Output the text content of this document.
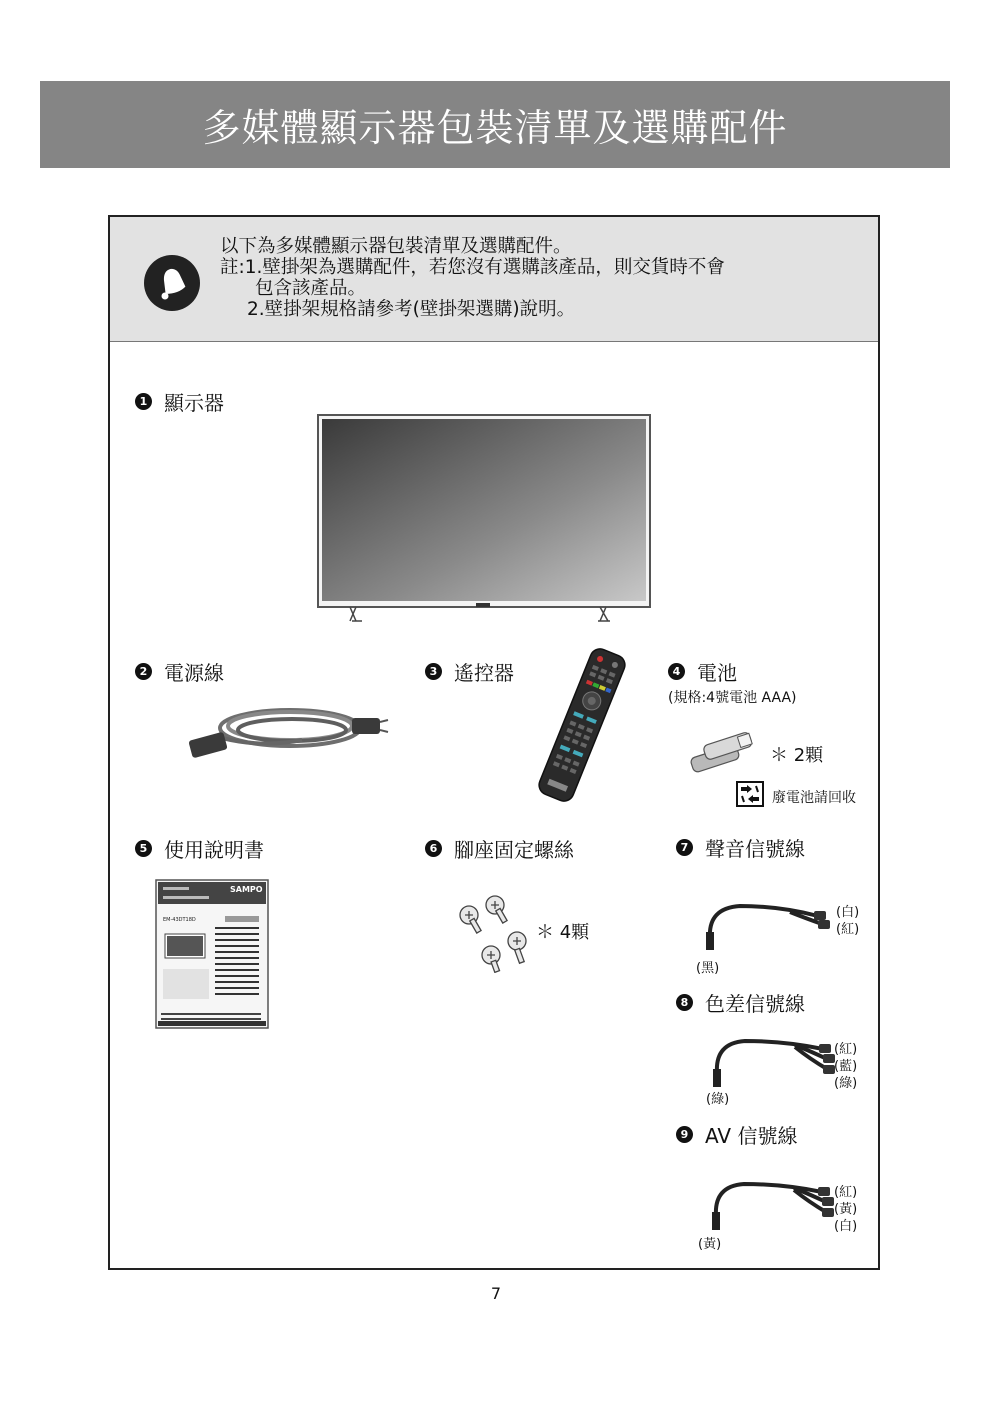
多媒體顯示器包裝清單及選購配件
以下為多媒體顯示器包裝清單及選購配件。
註:1.壁掛架為選購配件，若您沒有選購該產品，則交貨時不會
包含該產品。
2.壁掛架規格請參考(壁掛架選購)說明。
1 顯示器
2 電源線	3 遙控器	4 電池
(規格:4號電池 AAA)
＊ 2顆
廢電池請回收
5 使用說明書
SAMPO
EM-43DT18D
6 腳座固定螺絲
＊ 4顆
7 聲音信號線
(白)
(紅)
(黑)
8 色差信號線
(紅)
(藍)
(綠)
(綠)
9 AV 信號線
(紅)
(黃)
(白)
(黃)
7
